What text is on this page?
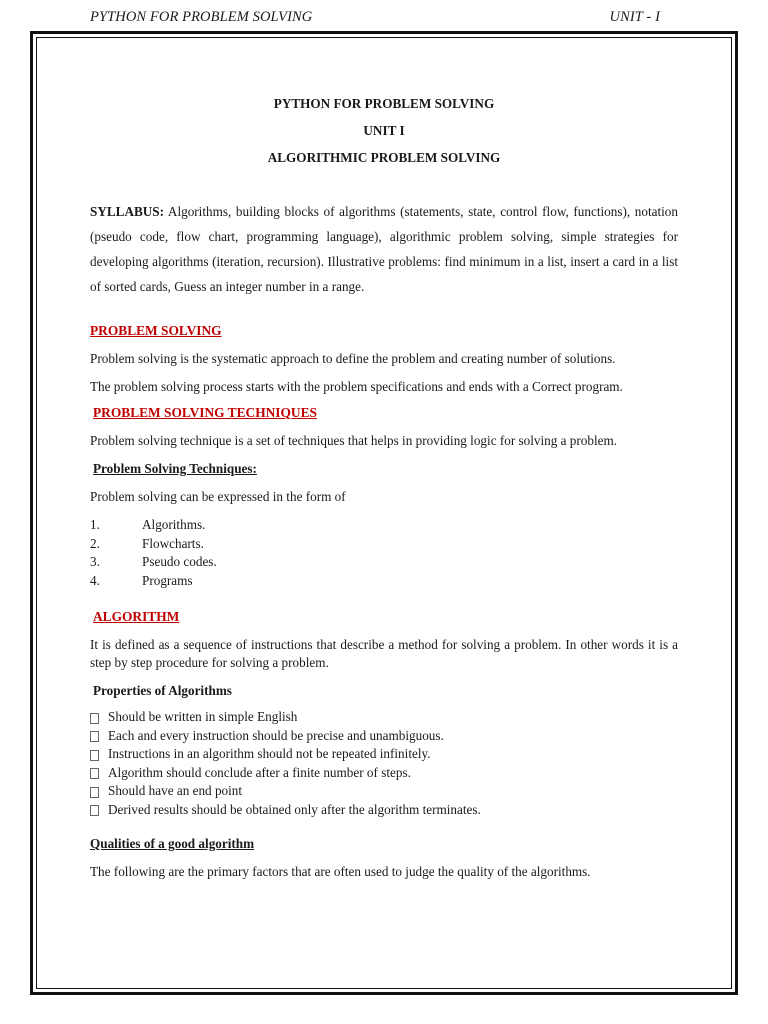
PYTHON FOR PROBLEM SOLVING	UNIT - I
PYTHON FOR PROBLEM SOLVING
UNIT I
ALGORITHMIC PROBLEM SOLVING

SYLLABUS: Algorithms, building blocks of algorithms (statements, state, control flow, functions), notation (pseudo code, flow chart, programming language), algorithmic problem solving, simple strategies for developing algorithms (iteration, recursion). Illustrative problems: find minimum in a list, insert a card in a list of sorted cards, Guess an integer number in a range.

PROBLEM SOLVING

Problem solving is the systematic approach to define the problem and creating number of solutions.

The problem solving process starts with the problem specifications and ends with a Correct program.

PROBLEM SOLVING TECHNIQUES

Problem solving technique is a set of techniques that helps in providing logic for solving a problem.

Problem Solving Techniques:

Problem solving can be expressed in the form of

1.	Algorithms.
2.	Flowcharts.
3.	Pseudo codes.
4.	Programs
ALGORITHM

It is defined as a sequence of instructions that describe a method for solving a problem. In other words it is a step by step procedure for solving a problem.

Properties of Algorithms
Should be written in simple English
Each and every instruction should be precise and unambiguous.
Instructions in an algorithm should not be repeated infinitely.
Algorithm should conclude after a finite number of steps.
Should have an end point
Derived results should be obtained only after the algorithm terminates.
Qualities of a good algorithm

The following are the primary factors that are often used to judge the quality of the algorithms.
